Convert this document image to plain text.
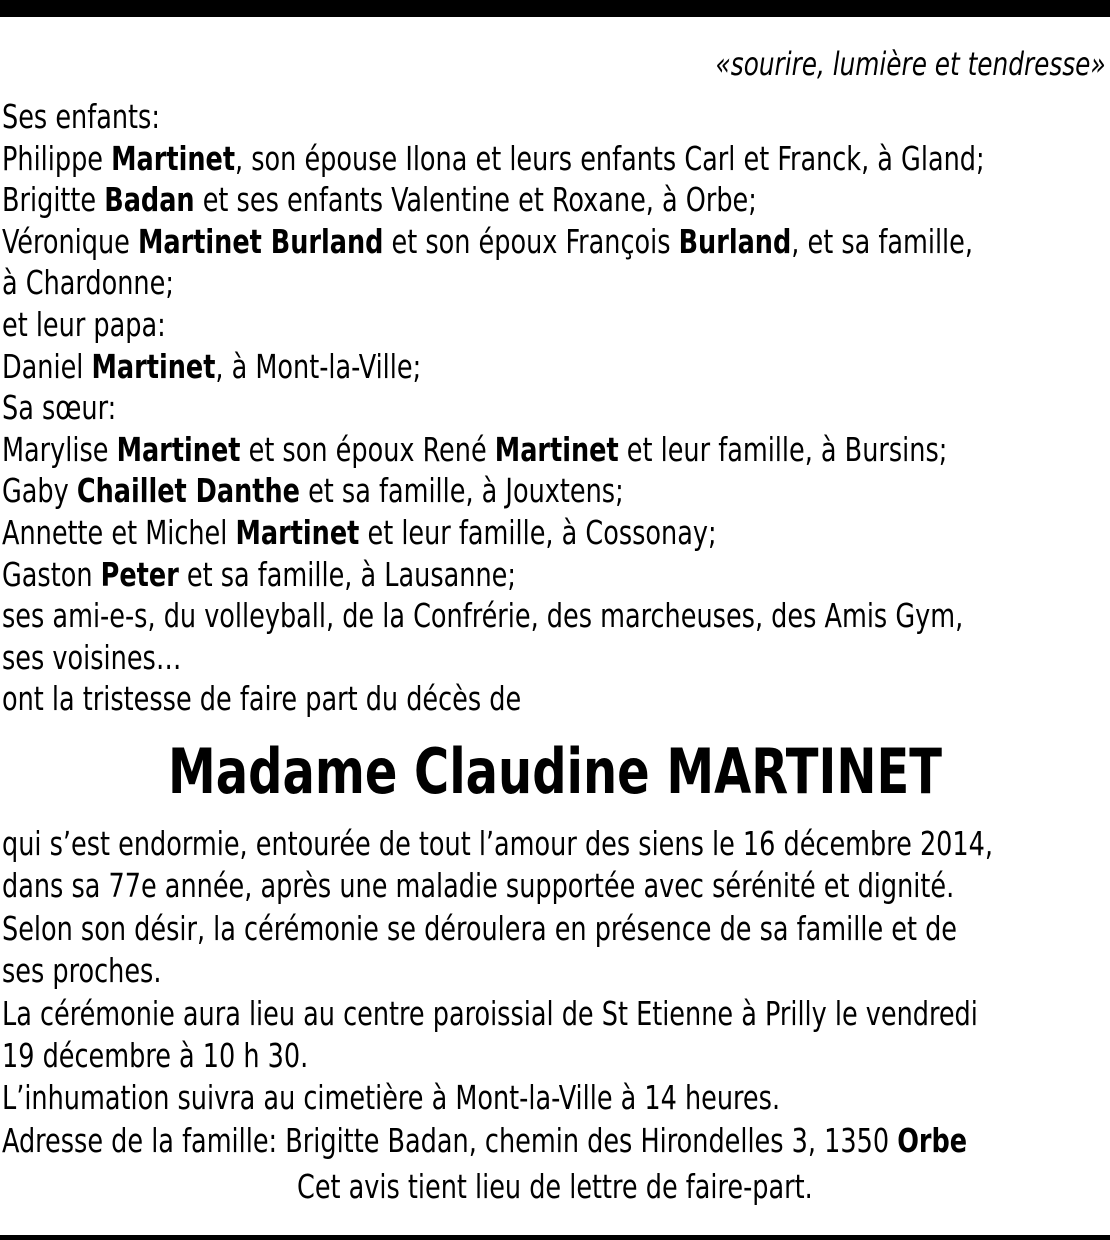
«sourire, lumière et tendresse»
Ses enfants:
Philippe Martinet, son épouse Ilona et leurs enfants Carl et Franck, à Gland;
Brigitte Badan et ses enfants Valentine et Roxane, à Orbe;
Véronique Martinet Burland et son époux François Burland, et sa famille,
à Chardonne;
et leur papa:
Daniel Martinet, à Mont-la-Ville;
Sa sœur:
Marylise Martinet et son époux René Martinet et leur famille, à Bursins;
Gaby Chaillet Danthe et sa famille, à Jouxtens;
Annette et Michel Martinet et leur famille, à Cossonay;
Gaston Peter et sa famille, à Lausanne;
ses ami-e-s, du volleyball, de la Confrérie, des marcheuses, des Amis Gym,
ses voisines…
ont la tristesse de faire part du décès de
Madame Claudine MARTINET
qui s’est endormie, entourée de tout l’amour des siens le 16 décembre 2014,
dans sa 77e année, après une maladie supportée avec sérénité et dignité.
Selon son désir, la cérémonie se déroulera en présence de sa famille et de
ses proches.
La cérémonie aura lieu au centre paroissial de St Etienne à Prilly le vendredi
19 décembre à 10 h 30.
L’inhumation suivra au cimetière à Mont-la-Ville à 14 heures.
Adresse de la famille: Brigitte Badan, chemin des Hirondelles 3, 1350 Orbe
Cet avis tient lieu de lettre de faire-part.
